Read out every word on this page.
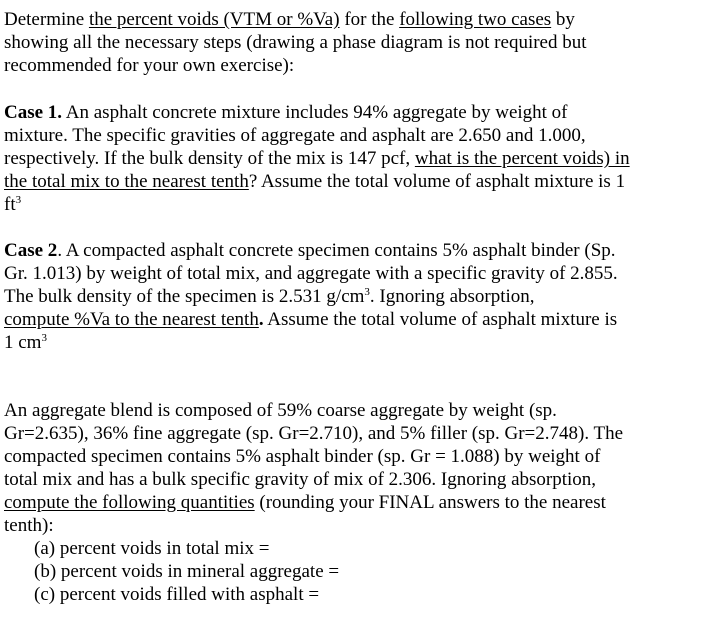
Determine the percent voids (VTM or %Va) for the following two cases by
showing all the necessary steps (drawing a phase diagram is not required but
recommended for your own exercise):
Case 1. An asphalt concrete mixture includes 94% aggregate by weight of
mixture. The specific gravities of aggregate and asphalt are 2.650 and 1.000,
respectively. If the bulk density of the mix is 147 pcf, what is the percent voids) in
the total mix to the nearest tenth? Assume the total volume of asphalt mixture is 1
$ft^3$
Case 2. A compacted asphalt concrete specimen contains 5% asphalt binder (Sp.
Gr. 1.013) by weight of total mix, and aggregate with a specific gravity of 2.855.
The bulk density of the specimen is 2.531 $g/cm^3$. Ignoring absorption,
compute %Va to the nearest tenth. Assume the total volume of asphalt mixture is
1 $cm^3$
An aggregate blend is composed of 59% coarse aggregate by weight (sp.
Gr=2.635), 36% fine aggregate (sp. Gr=2.710), and 5% filler (sp. Gr=2.748). The
compacted specimen contains 5% asphalt binder (sp. Gr = 1.088) by weight of
total mix and has a bulk specific gravity of mix of 2.306. Ignoring absorption,
compute the following quantities (rounding your FINAL answers to the nearest
tenth):
(a) percent voids in total mix =
(b) percent voids in mineral aggregate =
(c) percent voids filled with asphalt =
